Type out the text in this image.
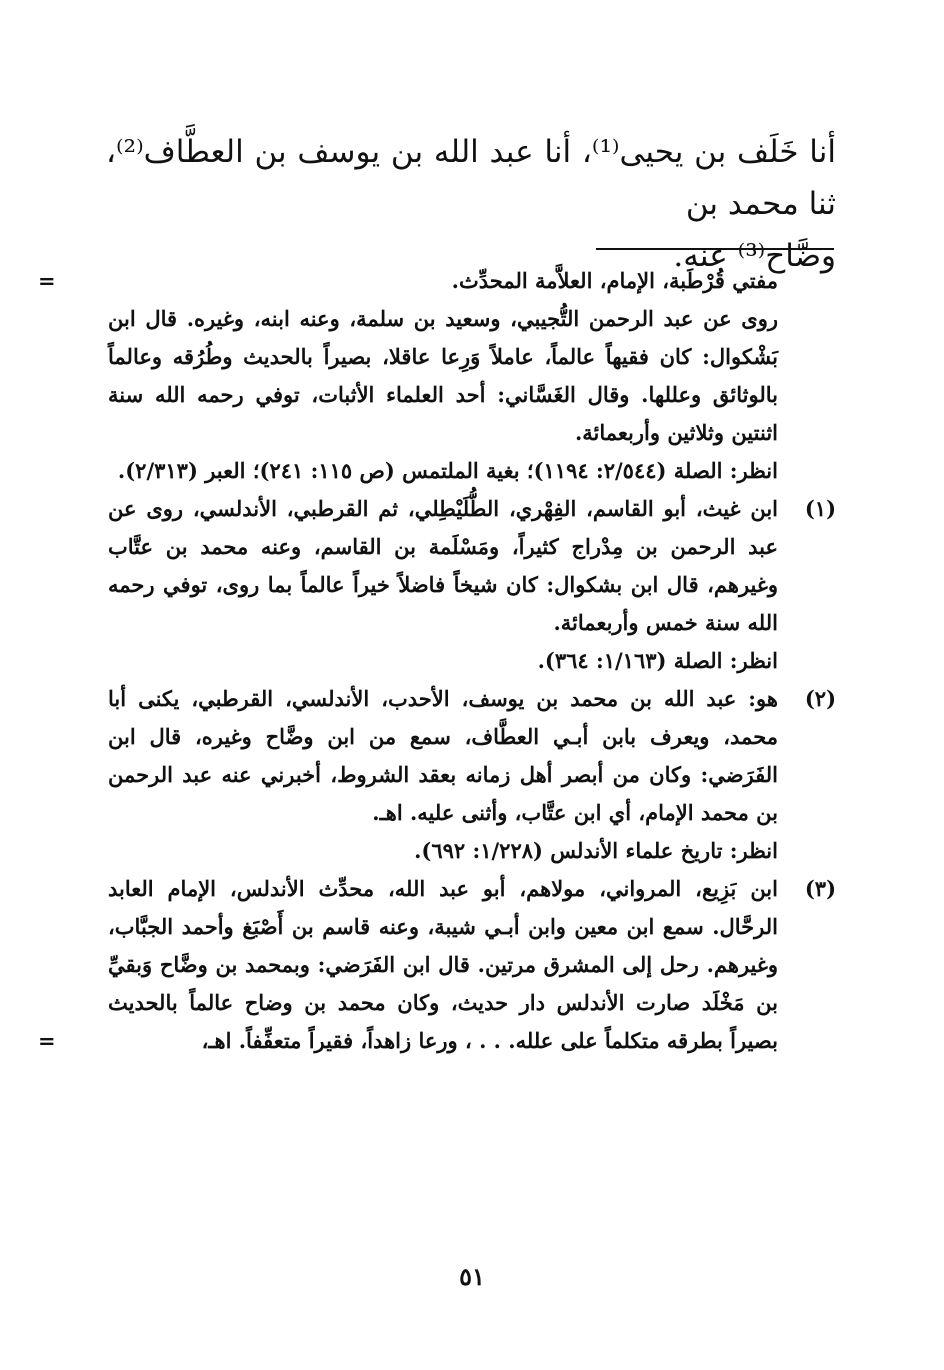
أنا خَلَف بن يحيى⁽¹⁾، أنا عبد الله بن يوسف بن العطَّاف⁽²⁾، ثنا محمد بن

وضَّاح⁽³⁾ عنه.

=	مفتي قُرْطَبة، الإمام، العلاَّمة المحدِّث.

روى عن عبد الرحمن التُّجيبي، وسعيد بن سلمة، وعنه ابنه، وغيره. قال ابن بَشْكوال: كان فقيهاً عالماً، عاملاً وَرِعا عاقلا، بصيراً بالحديث وطُرُقه وعالماً بالوثائق وعللها. وقال الغَسَّاني: أحد العلماء الأثبات، توفي رحمه الله سنة اثنتين وثلاثين وأربعمائة.

انظر: الصلة (٢/٥٤٤: ١١٩٤)؛ بغية الملتمس (ص ١١٥: ٢٤١)؛ العبر (٢/٣١٣).

(١)
ابن غيث، أبو القاسم، الفِهْري، الطُّلَيْطِلي، ثم القرطبي، الأندلسي، روى عن عبد الرحمن بن مِدْراج كثيراً، ومَسْلَمة بن القاسم، وعنه محمد بن عتَّاب وغيرهم، قال ابن بشكوال: كان شيخاً فاضلاً خيراً عالماً بما روى، توفي رحمه الله سنة خمس وأربعمائة.

انظر: الصلة (١/١٦٣: ٣٦٤).

(٢)
هو: عبد الله بن محمد بن يوسف، الأحدب، الأندلسي، القرطبي، يكنى أبا محمد، ويعرف بابن أبـي العطَّاف، سمع من ابن وضَّاح وغيره، قال ابن الفَرَضي: وكان من أبصر أهل زمانه بعقد الشروط، أخبرني عنه عبد الرحمن بن محمد الإمام، أي ابن عتَّاب، وأثنى عليه. اهـ.

انظر: تاريخ علماء الأندلس (١/٢٢٨: ٦٩٢).

(٣)
ابن بَزِيع، المرواني، مولاهم، أبو عبد الله، محدِّث الأندلس، الإمام العابد الرحَّال. سمع ابن معين وابن أبـي شيبة، وعنه قاسم بن أَصْبَغ وأحمد الجبَّاب، وغيرهم. رحل إلى المشرق مرتين. قال ابن الفَرَضي: وبمحمد بن وضَّاح وَبقيِّ بن مَخْلَد صارت الأندلس دار حديث، وكان محمد بن وضاح عالماً بالحديث بصيراً بطرقه متكلماً على علله. . . ، ورعا زاهداً، فقيراً متعفِّفاً. اهـ،
=
٥١
